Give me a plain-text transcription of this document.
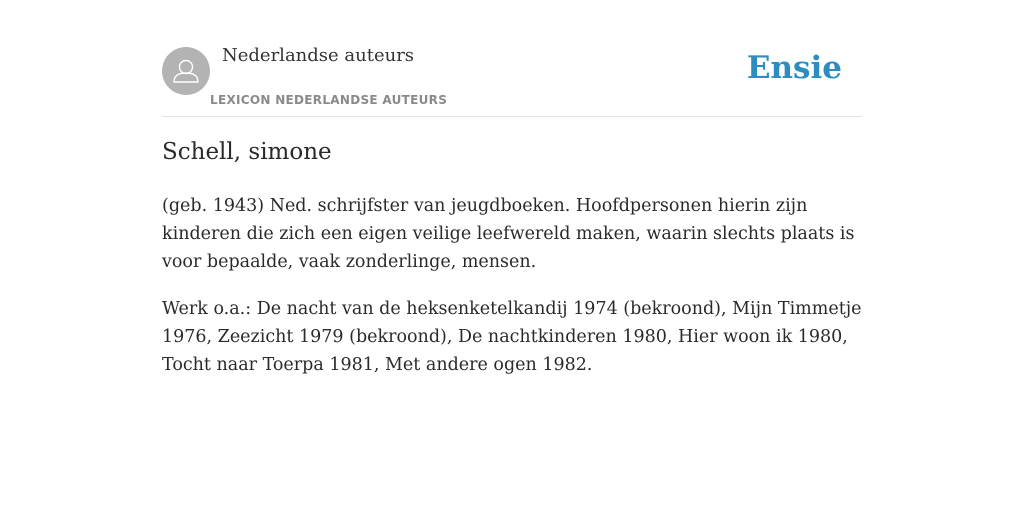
Nederlandse auteurs
LEXICON NEDERLANDSE AUTEURS
Ensie
Schell, simone

(geb. 1943) Ned. schrijfster van jeugdboeken. Hoofdpersonen hierin zijn kinderen die zich een eigen veilige leefwereld maken, waarin slechts plaats is voor bepaalde, vaak zonderlinge, mensen.

Werk o.a.: De nacht van de heksenketelkandij 1974 (bekroond), Mijn Timmetje 1976, Zeezicht 1979 (bekroond), De nachtkinderen 1980, Hier woon ik 1980, Tocht naar Toerpa 1981, Met andere ogen 1982.
